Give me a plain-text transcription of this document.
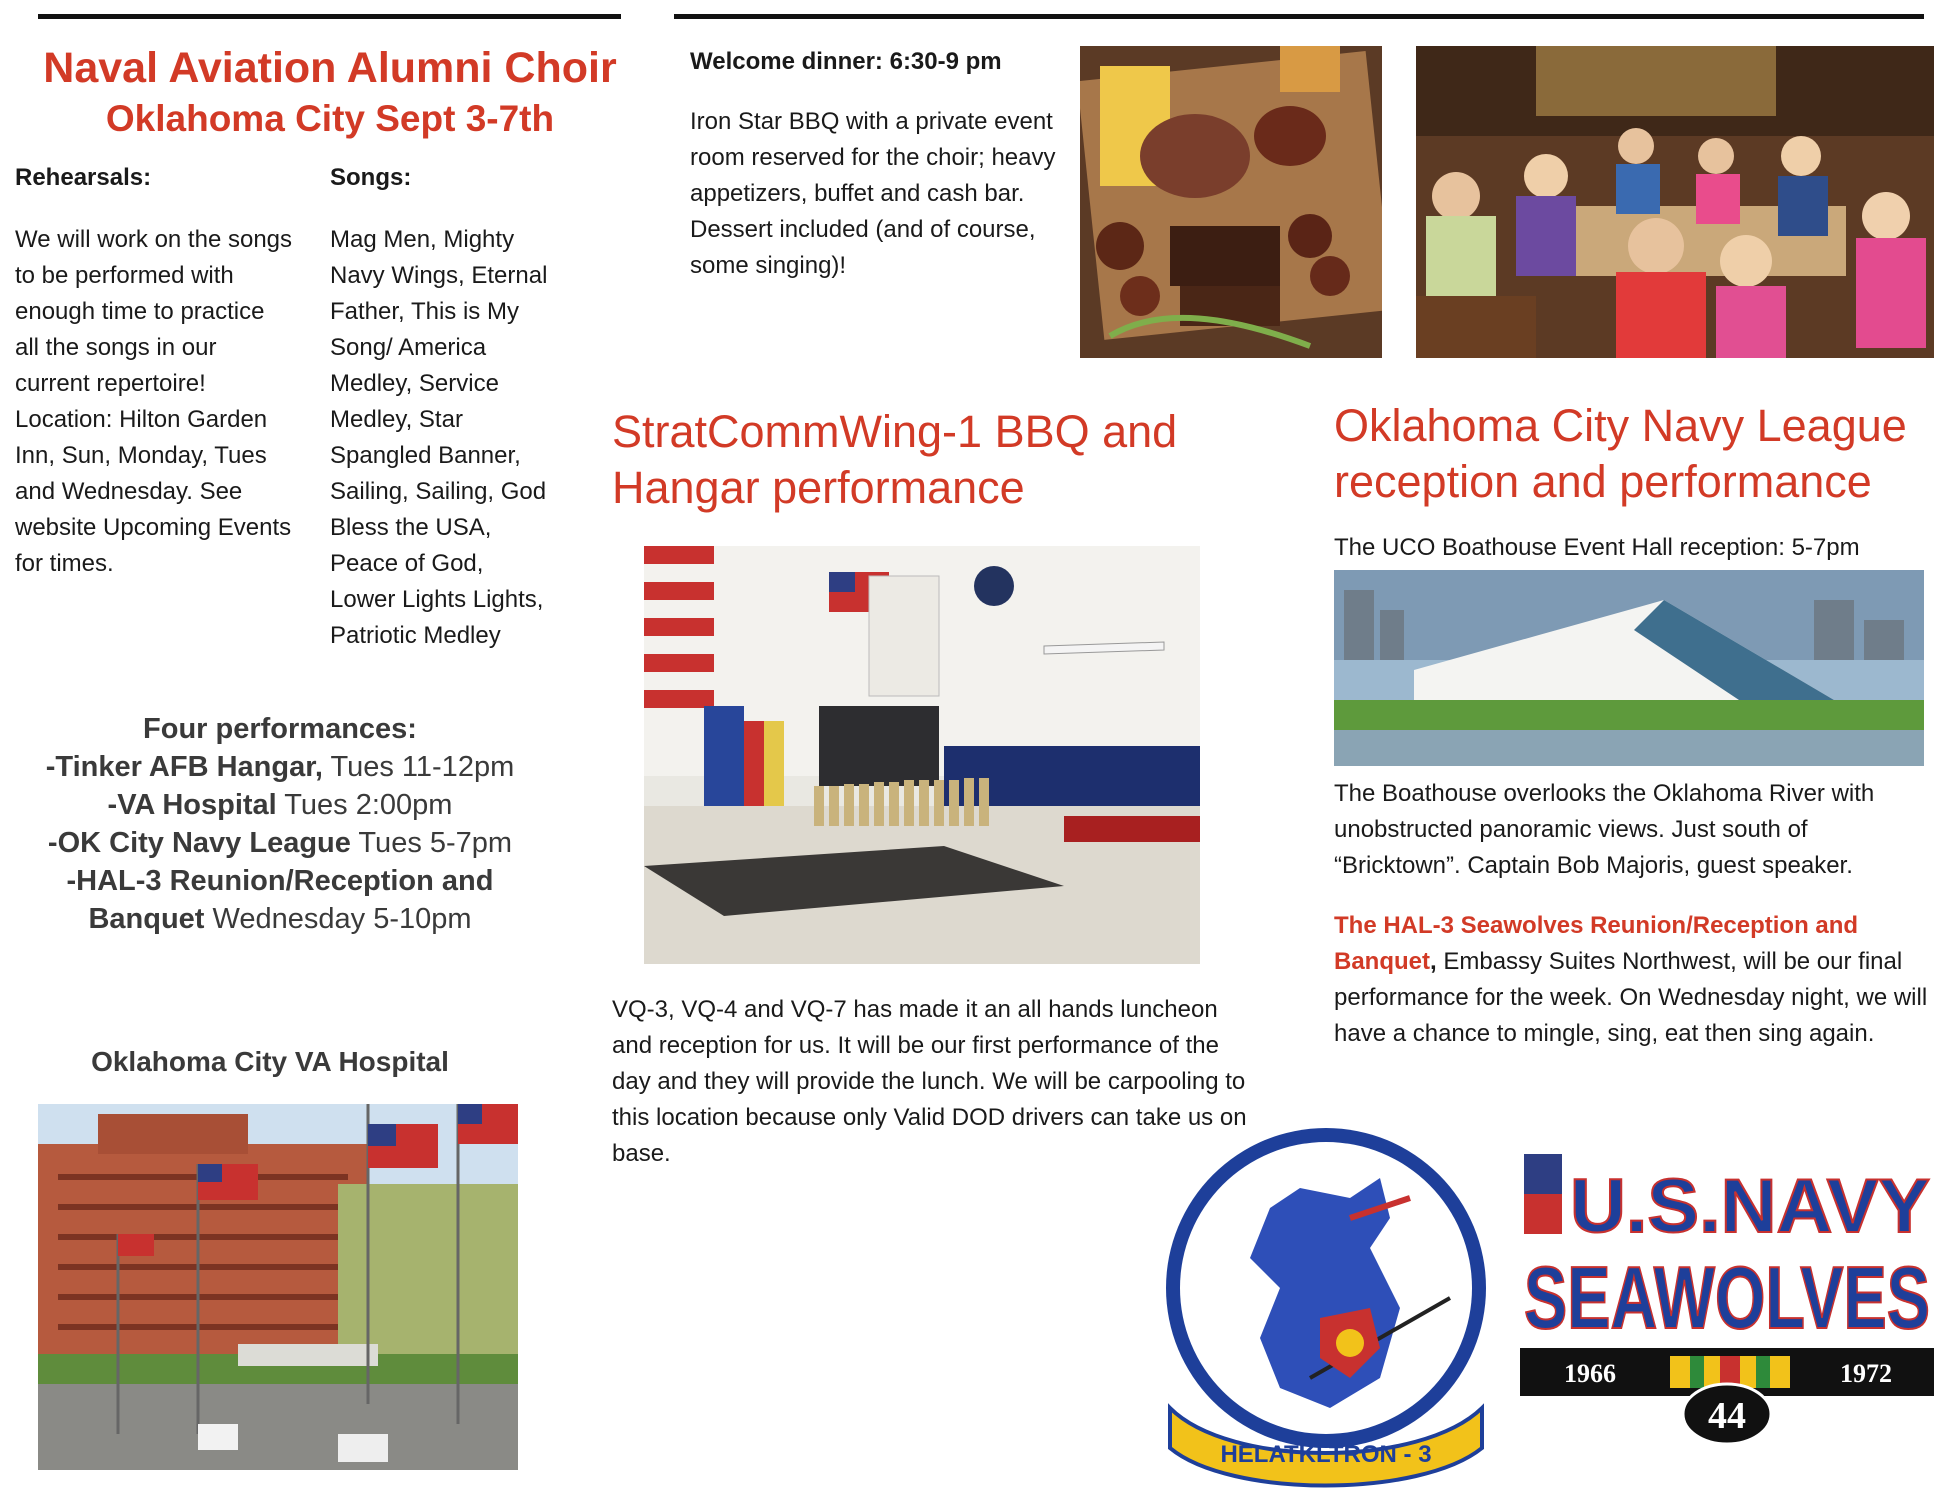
Naval Aviation Alumni Choir
Oklahoma City Sept 3-7th
Rehearsals:
We will work on the songs to be performed with enough time to practice all the songs in our current repertoire! Location: Hilton Garden Inn, Sun, Monday, Tues and Wednesday. See website Upcoming Events for times.
Songs:
Mag Men, Mighty Navy Wings, Eternal Father, This is My Song/ America Medley, Service Medley, Star Spangled Banner, Sailing, Sailing, God Bless the USA, Peace of God, Lower Lights Lights, Patriotic Medley
Four performances:
-Tinker AFB Hangar, Tues 11-12pm
-VA Hospital Tues 2:00pm
-OK City Navy League Tues 5-7pm
-HAL-3 Reunion/Reception and
Banquet Wednesday 5-10pm
Oklahoma City VA Hospital
Welcome dinner: 6:30-9 pm
Iron Star BBQ with a private event room reserved for the choir; heavy appetizers, buffet and cash bar. Dessert included (and of course, some singing)!
StratCommWing-1 BBQ and Hangar performance
VQ-3, VQ-4 and VQ-7 has made it an all hands luncheon and reception for us. It will be our first performance of the day and they will provide the lunch. We will be carpooling to this location because only Valid DOD drivers can take us on base.
Oklahoma City Navy League reception and performance
The UCO Boathouse Event Hall reception: 5-7pm
The Boathouse overlooks the Oklahoma River with unobstructed panoramic views. Just south of “Bricktown”. Captain Bob Majoris, guest speaker.
The HAL-3 Seawolves Reunion/Reception and Banquet, Embassy Suites Northwest, will be our final performance for the week. On Wednesday night, we will have a chance to mingle, sing, eat then sing again.
HELATKLTRON - 3
U.S.NAVY
SEAWOLVES
1966	1972
44
